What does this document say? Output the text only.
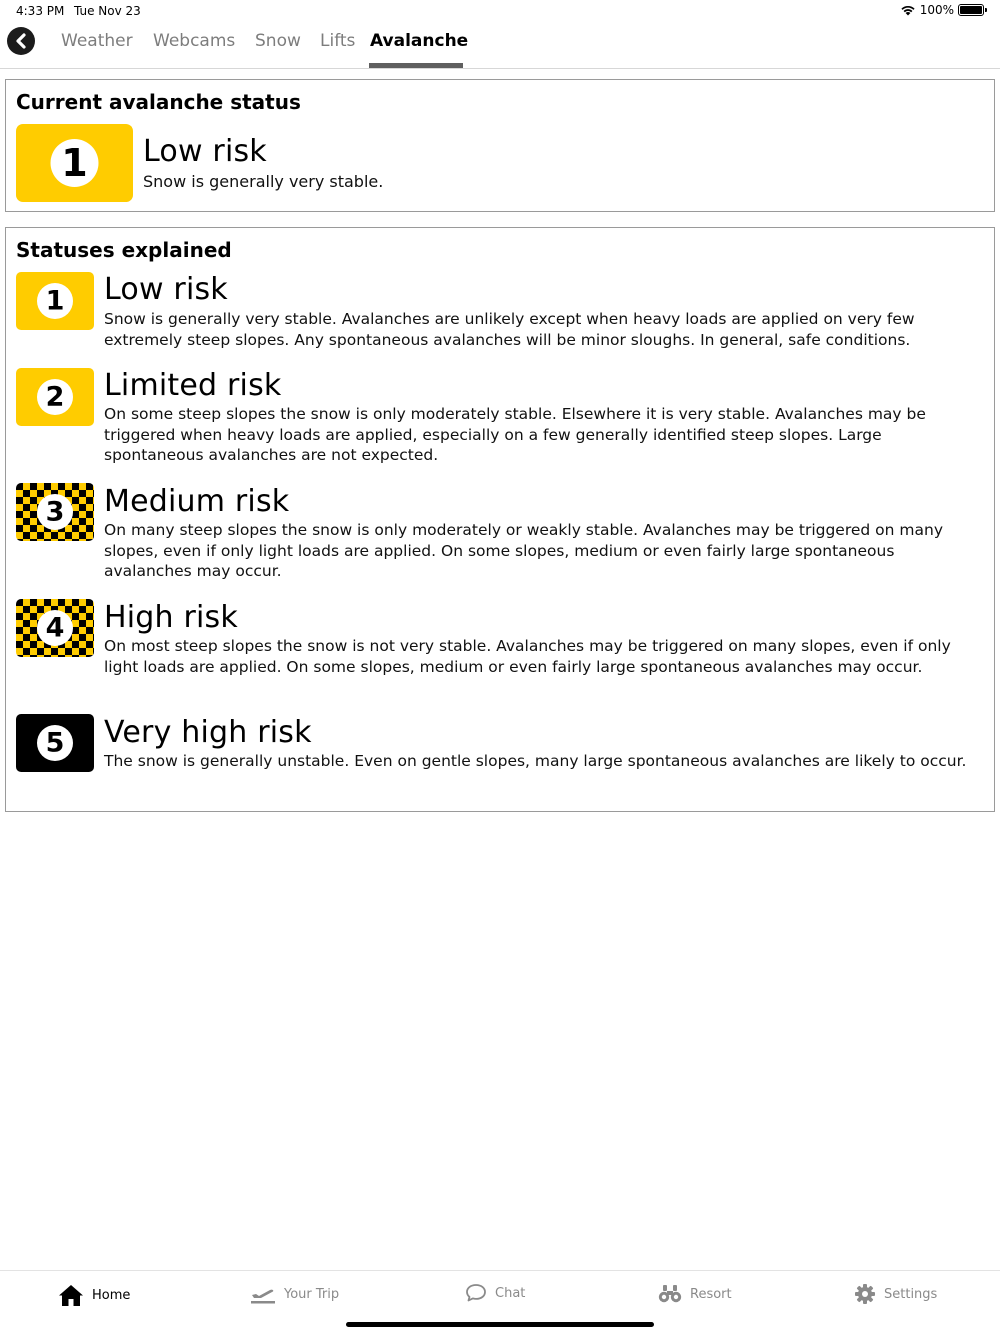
4:33 PM Tue Nov 23	100%
Weather Webcams Snow Lifts Avalanche
Current avalanche status
1 Low risk
Snow is generally very stable.
Statuses explained
1 Low risk
Snow is generally very stable. Avalanches are unlikely except when heavy loads are applied on very few extremely steep slopes. Any spontaneous avalanches will be minor sloughs. In general, safe conditions.
2 Limited risk
On some steep slopes the snow is only moderately stable. Elsewhere it is very stable. Avalanches may be triggered when heavy loads are applied, especially on a few generally identified steep slopes. Large spontaneous avalanches are not expected.
3 Medium risk
On many steep slopes the snow is only moderately or weakly stable. Avalanches may be triggered on many slopes, even if only light loads are applied. On some slopes, medium or even fairly large spontaneous avalanches may occur.
4 High risk
On most steep slopes the snow is not very stable. Avalanches may be triggered on many slopes, even if only light loads are applied. On some slopes, medium or even fairly large spontaneous avalanches may occur.
5 Very high risk
The snow is generally unstable. Even on gentle slopes, many large spontaneous avalanches are likely to occur.
Home	Your Trip	Chat	Resort	Settings
